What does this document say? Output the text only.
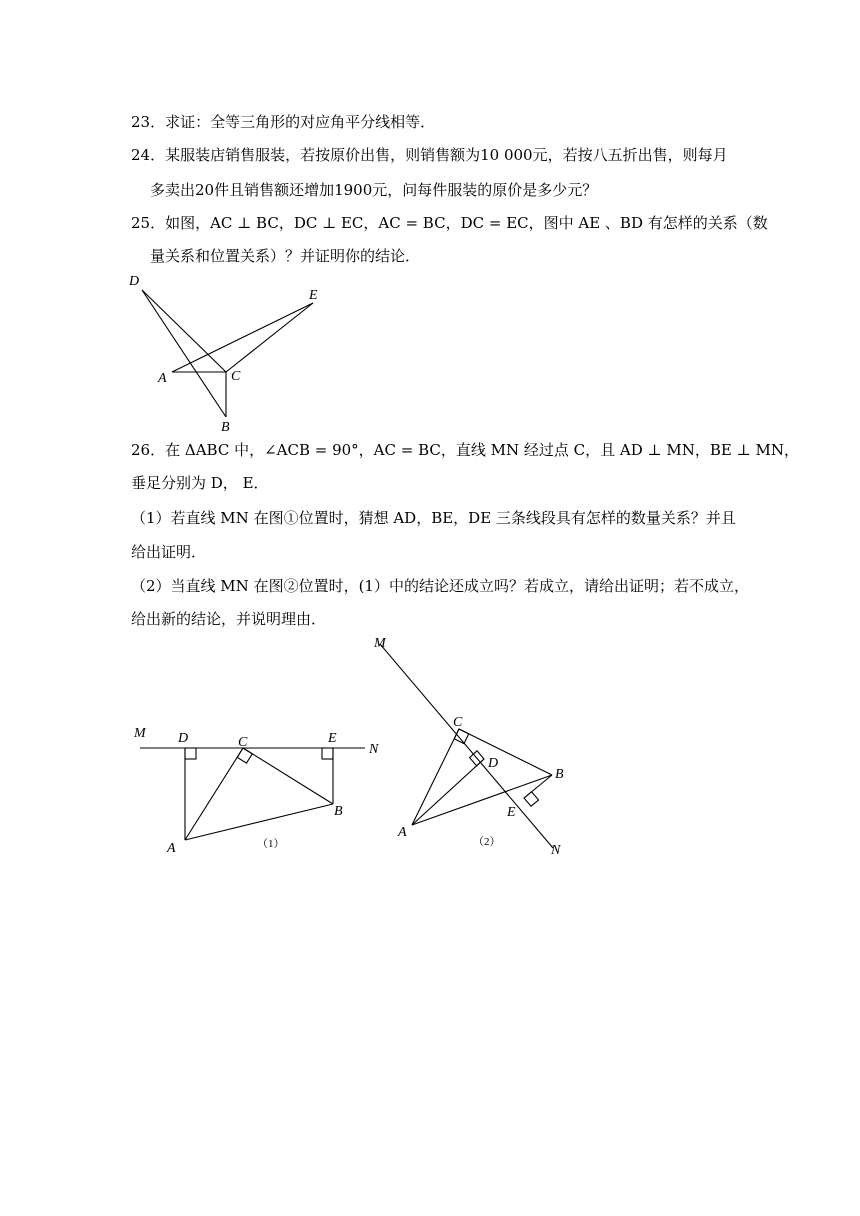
23．求证：全等三角形的对应角平分线相等．
24．某服装店销售服装，若按原价出售，则销售额为10 000元，若按八五折出售，则每月
多卖出20件且销售额还增加1900元，问每件服装的原价是多少元？
25．如图，AC ⊥ BC，DC ⊥ EC，AC = BC，DC = EC，图中 AE 、BD 有怎样的关系（数
量关系和位置关系）？并证明你的结论．
D
E
A	C
B
26．在 ΔABC 中，∠ACB = 90°，AC = BC，直线 MN 经过点 C，且 AD ⊥ MN，BE ⊥ MN，
垂足分别为 D， E．
（1）若直线 MN 在图①位置时，猜想 AD，BE，DE 三条线段具有怎样的数量关系？并且
给出证明．
（2）当直线 MN 在图②位置时，(1）中的结论还成立吗？若成立，请给出证明；若不成立，
给出新的结论，并说明理由．
M D	C	E
N
A
B
（1）
M
C
D
B
E
A
N
（2）
